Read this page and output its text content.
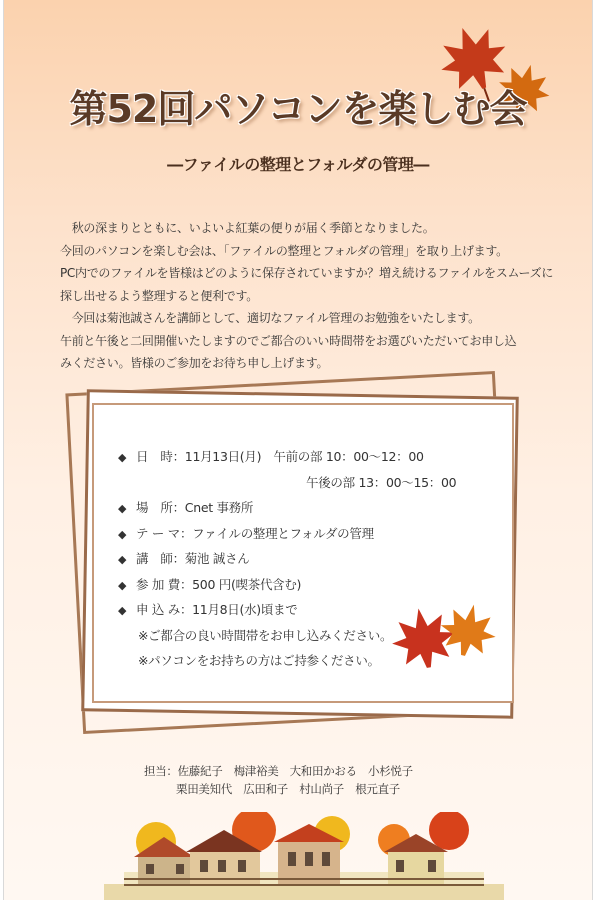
第52回パソコンを楽しむ会
―ファイルの整理とフォルダの管理―

　秋の深まりとともに、いよいよ紅葉の便りが届く季節となりました。

今回のパソコンを楽しむ会は、「ファイルの整理とフォルダの管理」を取り上げます。

PC内でのファイルを皆様はどのように保存されていますか？増え続けるファイルをスムーズに

探し出せるよう整理すると便利です。

　今回は菊池誠さんを講師として、適切なファイル管理のお勉強をいたします。

午前と午後と二回開催いたしますのでご都合のいい時間帯をお選びいただいてお申し込

みください。皆様のご参加をお待ち申し上げます。

◆ 日　時：11月13日(月)　午前の部 10：00～12：00
午後の部 13：00～15：00
◆ 場　所：Cnet 事務所
◆ テ ー マ：ファイルの整理とフォルダの管理
◆ 講　師：菊池 誠さん
◆ 参 加 費：500 円(喫茶代含む)
◆ 申 込 み：11月8日(水)頃まで
※ご都合の良い時間帯をお申し込みください。
※パソコンをお持ちの方はご持参ください。
担当：佐藤紀子　梅津裕美　大和田かおる　小杉悦子
栗田美知代　広田和子　村山尚子　根元直子
